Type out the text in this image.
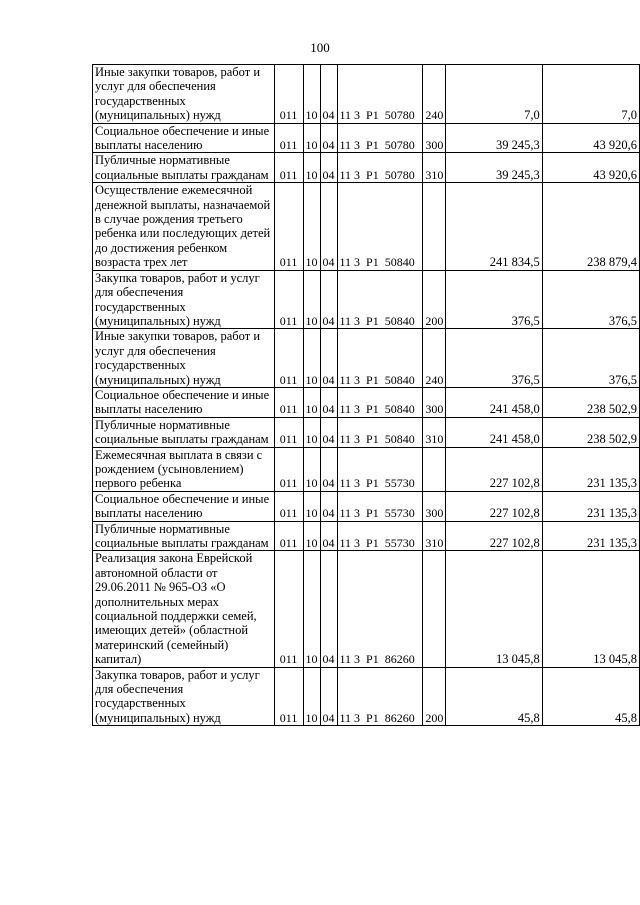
100
Иные закупки товаров, работ и услуг для обеспечения государственных (муниципальных) нужд	011	10	04	11 3  Р1  50780	240	7,0	7,0

Социальное обеспечение и иные выплаты населению	011	10	04	11 3  Р1  50780	300	39 245,3	43 920,6

Публичные нормативные социальные выплаты гражданам	011	10	04	11 3  Р1  50780	310	39 245,3	43 920,6

Осуществление ежемесячной денежной выплаты, назначаемой в случае рождения третьего ребенка или последующих детей до достижения ребенком возраста трех лет	011	10	04	11 3  Р1  50840		241 834,5	238 879,4

Закупка товаров, работ и услуг для обеспечения государственных (муниципальных) нужд	011	10	04	11 3  Р1  50840	200	376,5	376,5

Иные закупки товаров, работ и услуг для обеспечения государственных (муниципальных) нужд	011	10	04	11 3  Р1  50840	240	376,5	376,5

Социальное обеспечение и иные выплаты населению	011	10	04	11 3  Р1  50840	300	241 458,0	238 502,9

Публичные нормативные социальные выплаты гражданам	011	10	04	11 3  Р1  50840	310	241 458,0	238 502,9

Ежемесячная выплата в связи с рождением (усыновлением) первого ребенка	011	10	04	11 3  Р1  55730		227 102,8	231 135,3

Социальное обеспечение и иные выплаты населению	011	10	04	11 3  Р1  55730	300	227 102,8	231 135,3

Публичные нормативные социальные выплаты гражданам	011	10	04	11 3  Р1  55730	310	227 102,8	231 135,3

Реализация закона Еврейской автономной области от 29.06.2011 № 965-ОЗ «О дополнительных мерах социальной поддержки семей, имеющих детей» (областной материнский (семейный) капитал)	011	10	04	11 3  Р1  86260		13 045,8	13 045,8

Закупка товаров, работ и услуг для обеспечения государственных (муниципальных) нужд	011	10	04	11 3  Р1  86260	200	45,8	45,8
